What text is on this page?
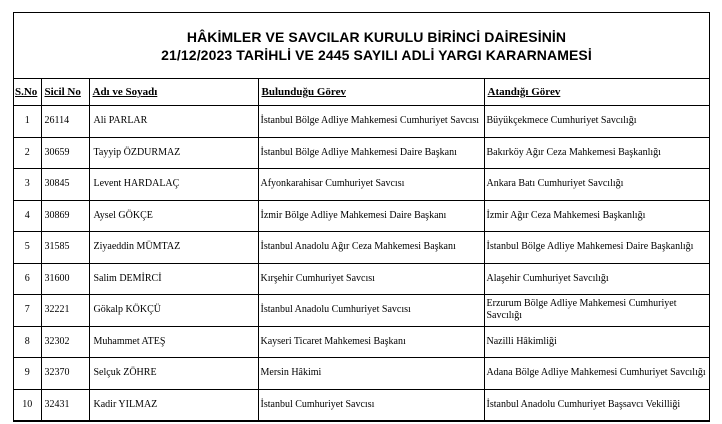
HÂKİMLER VE SAVCILAR KURULU BİRİNCİ DAİRESİNİN
21/12/2023 TARİHLİ VE 2445 SAYILI ADLİ YARGI KARARNAMESİ
S.No	Sicil No	Adı ve Soyadı	Bulunduğu Görev	Atandığı Görev
1	26114	Ali PARLAR	İstanbul Bölge Adliye Mahkemesi Cumhuriyet Savcısı	Büyükçekmece Cumhuriyet Savcılığı
2	30659	Tayyip ÖZDURMAZ	İstanbul Bölge Adliye Mahkemesi Daire Başkanı	Bakırköy Ağır Ceza Mahkemesi Başkanlığı
3	30845	Levent HARDALAÇ	Afyonkarahisar Cumhuriyet Savcısı	Ankara Batı Cumhuriyet Savcılığı
4	30869	Aysel GÖKÇE	İzmir Bölge Adliye Mahkemesi Daire Başkanı	İzmir Ağır Ceza Mahkemesi Başkanlığı
5	31585	Ziyaeddin MÜMTAZ	İstanbul Anadolu Ağır Ceza Mahkemesi Başkanı	İstanbul Bölge Adliye Mahkemesi Daire Başkanlığı
6	31600	Salim DEMİRCİ	Kırşehir Cumhuriyet Savcısı	Alaşehir Cumhuriyet Savcılığı
7	32221	Gökalp KÖKÇÜ	İstanbul Anadolu Cumhuriyet Savcısı	Erzurum Bölge Adliye Mahkemesi Cumhuriyet Savcılığı
8	32302	Muhammet ATEŞ	Kayseri Ticaret Mahkemesi Başkanı	Nazilli Hâkimliği
9	32370	Selçuk ZÖHRE	Mersin Hâkimi	Adana Bölge Adliye Mahkemesi Cumhuriyet Savcılığı
10	32431	Kadir YILMAZ	İstanbul Cumhuriyet Savcısı	İstanbul Anadolu Cumhuriyet Başsavcı Vekilliği
